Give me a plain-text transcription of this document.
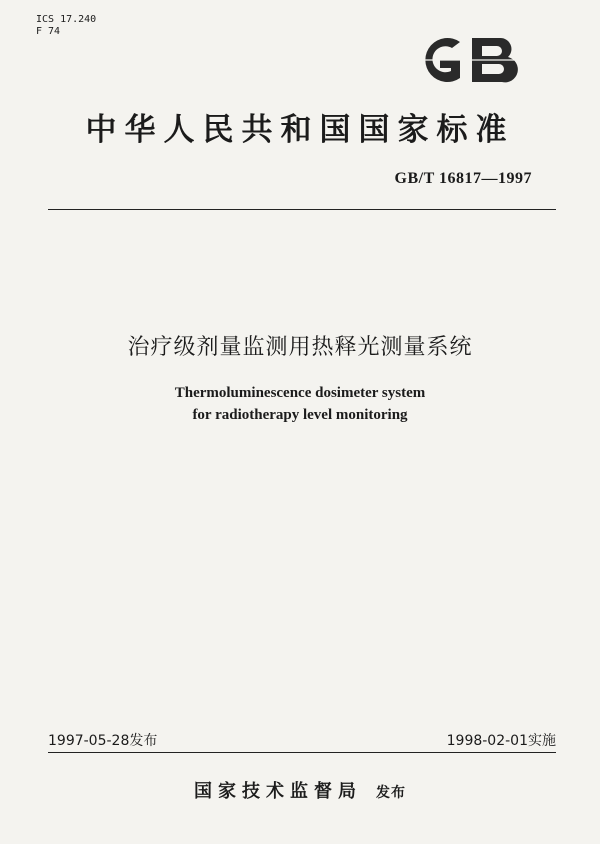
ICS 17.240
F 74
中华人民共和国国家标准
GB/T 16817—1997
治疗级剂量监测用热释光测量系统
Thermoluminescence dosimeter system
for radiotherapy level monitoring
1997-05-28发布	1998-02-01实施
国家技术监督局 发布
